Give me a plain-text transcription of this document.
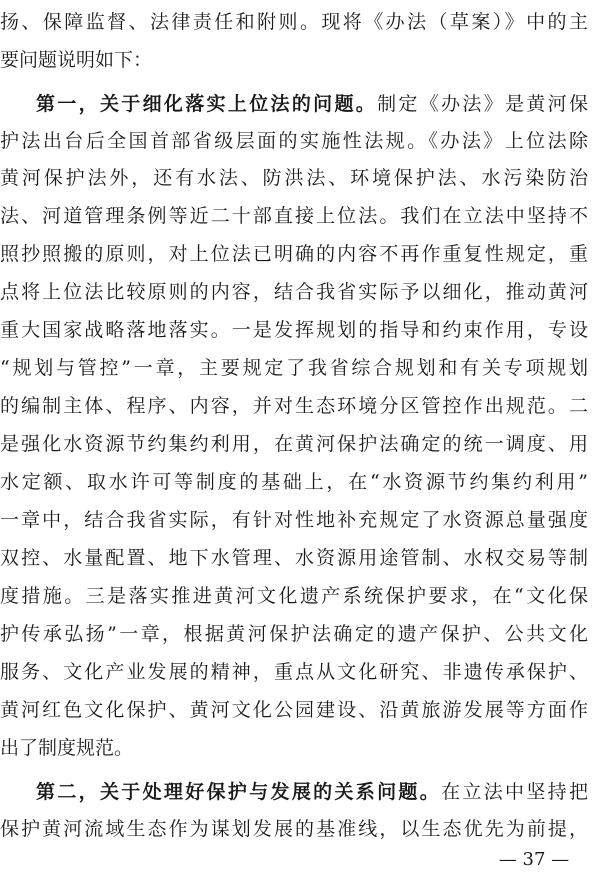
扬、保障监督、法律责任和附则。现将《办法（草案）》中的主
要问题说明如下：
第一，关于细化落实上位法的问题。制定《办法》是黄河保
护法出台后全国首部省级层面的实施性法规。《办法》上位法除
黄河保护法外，还有水法、防洪法、环境保护法、水污染防治
法、河道管理条例等近二十部直接上位法。我们在立法中坚持不
照抄照搬的原则，对上位法已明确的内容不再作重复性规定，重
点将上位法比较原则的内容，结合我省实际予以细化，推动黄河
重大国家战略落地落实。一是发挥规划的指导和约束作用，专设
“规划与管控”一章，主要规定了我省综合规划和有关专项规划
的编制主体、程序、内容，并对生态环境分区管控作出规范。二
是强化水资源节约集约利用，在黄河保护法确定的统一调度、用
水定额、取水许可等制度的基础上，在“水资源节约集约利用”
一章中，结合我省实际，有针对性地补充规定了水资源总量强度
双控、水量配置、地下水管理、水资源用途管制、水权交易等制
度措施。三是落实推进黄河文化遗产系统保护要求，在“文化保
护传承弘扬”一章，根据黄河保护法确定的遗产保护、公共文化
服务、文化产业发展的精神，重点从文化研究、非遗传承保护、
黄河红色文化保护、黄河文化公园建设、沿黄旅游发展等方面作
出了制度规范。
第二，关于处理好保护与发展的关系问题。在立法中坚持把
保护黄河流域生态作为谋划发展的基准线，以生态优先为前提，
— 37 —
